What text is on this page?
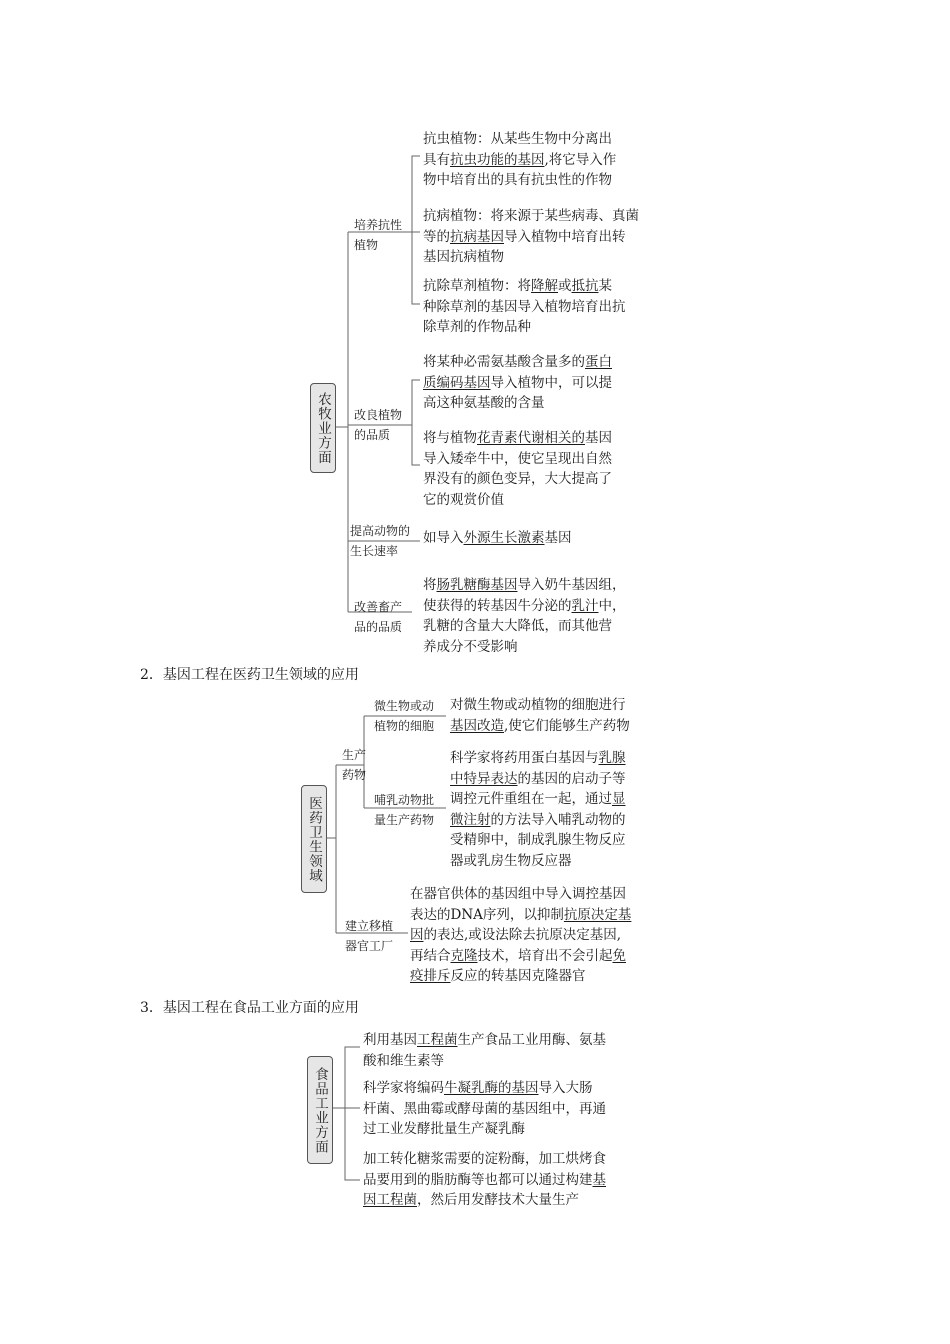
农牧业方面
培养抗性
植物
抗虫植物：从某些生物中分离出
具有抗虫功能的基因,将它导入作
物中培育出的具有抗虫性的作物
抗病植物：将来源于某些病毒、真菌
等的抗病基因导入植物中培育出转
基因抗病植物
抗除草剂植物：将降解或抵抗某
种除草剂的基因导入植物培育出抗
除草剂的作物品种
改良植物
的品质
将某种必需氨基酸含量多的蛋白
质编码基因导入植物中，可以提
高这种氨基酸的含量
将与植物花青素代谢相关的基因
导入矮牵牛中，使它呈现出自然
界没有的颜色变异，大大提高了
它的观赏价值
提高动物的
生长速率
如导入外源生长激素基因
改善畜产
品的品质
将肠乳糖酶基因导入奶牛基因组，
使获得的转基因牛分泌的乳汁中，
乳糖的含量大大降低，而其他营
养成分不受影响
2．基因工程在医药卫生领域的应用
医药卫生领域
生产
药物
微生物或动
植物的细胞
对微生物或动植物的细胞进行
基因改造,使它们能够生产药物
哺乳动物批
量生产药物
科学家将药用蛋白基因与乳腺
中特异表达的基因的启动子等
调控元件重组在一起，通过显
微注射的方法导入哺乳动物的
受精卵中，制成乳腺生物反应
器或乳房生物反应器
建立移植
器官工厂
在器官供体的基因组中导入调控基因
表达的DNA序列，以抑制抗原决定基
因的表达,或设法除去抗原决定基因,
再结合克隆技术，培育出不会引起免
疫排斥反应的转基因克隆器官
3．基因工程在食品工业方面的应用
食品工业方面
利用基因工程菌生产食品工业用酶、氨基
酸和维生素等
科学家将编码牛凝乳酶的基因导入大肠
杆菌、黑曲霉或酵母菌的基因组中，再通
过工业发酵批量生产凝乳酶
加工转化糖浆需要的淀粉酶，加工烘烤食
品要用到的脂肪酶等也都可以通过构建基
因工程菌，然后用发酵技术大量生产
